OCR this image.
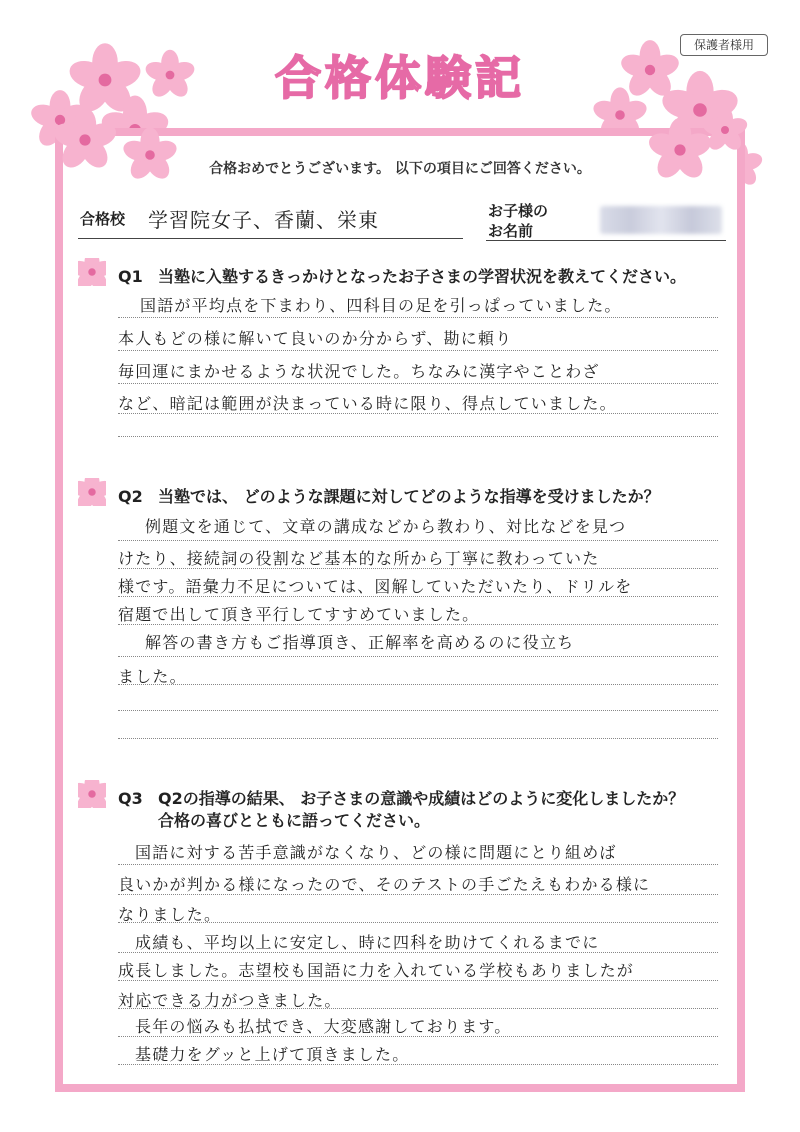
保護者様用
合格体験記
合格おめでとうございます。 以下の項目にご回答ください。
合格校 学習院女子、香蘭、栄東	お子様の
お名前
Q1 当塾に入塾するきっかけとなったお子さまの学習状況を教えてください。
国語が平均点を下まわり、四科目の足を引っぱっていました。
本人もどの様に解いて良いのか分からず、勘に頼り
毎回運にまかせるような状況でした。ちなみに漢字やことわざ
など、暗記は範囲が決まっている時に限り、得点していました。
Q2 当塾では、 どのような課題に対してどのような指導を受けましたか？
例題文を通じて、文章の講成などから教わり、対比などを見つ
けたり、接続詞の役割など基本的な所から丁寧に教わっていた
様です。語彙力不足については、図解していただいたり、ドリルを
宿題で出して頂き平行してすすめていました。
解答の書き方もご指導頂き、正解率を高めるのに役立ち
ました。
Q3 Q2の指導の結果、 お子さまの意識や成績はどのように変化しましたか？
合格の喜びとともに語ってください。
国語に対する苦手意識がなくなり、どの様に問題にとり組めば
良いかが判かる様になったので、そのテストの手ごたえもわかる様に
なりました。
成績も、平均以上に安定し、時に四科を助けてくれるまでに
成長しました。志望校も国語に力を入れている学校もありましたが
対応できる力がつきました。
長年の悩みも払拭でき、大変感謝しております。
基礎力をグッと上げて頂きました。
